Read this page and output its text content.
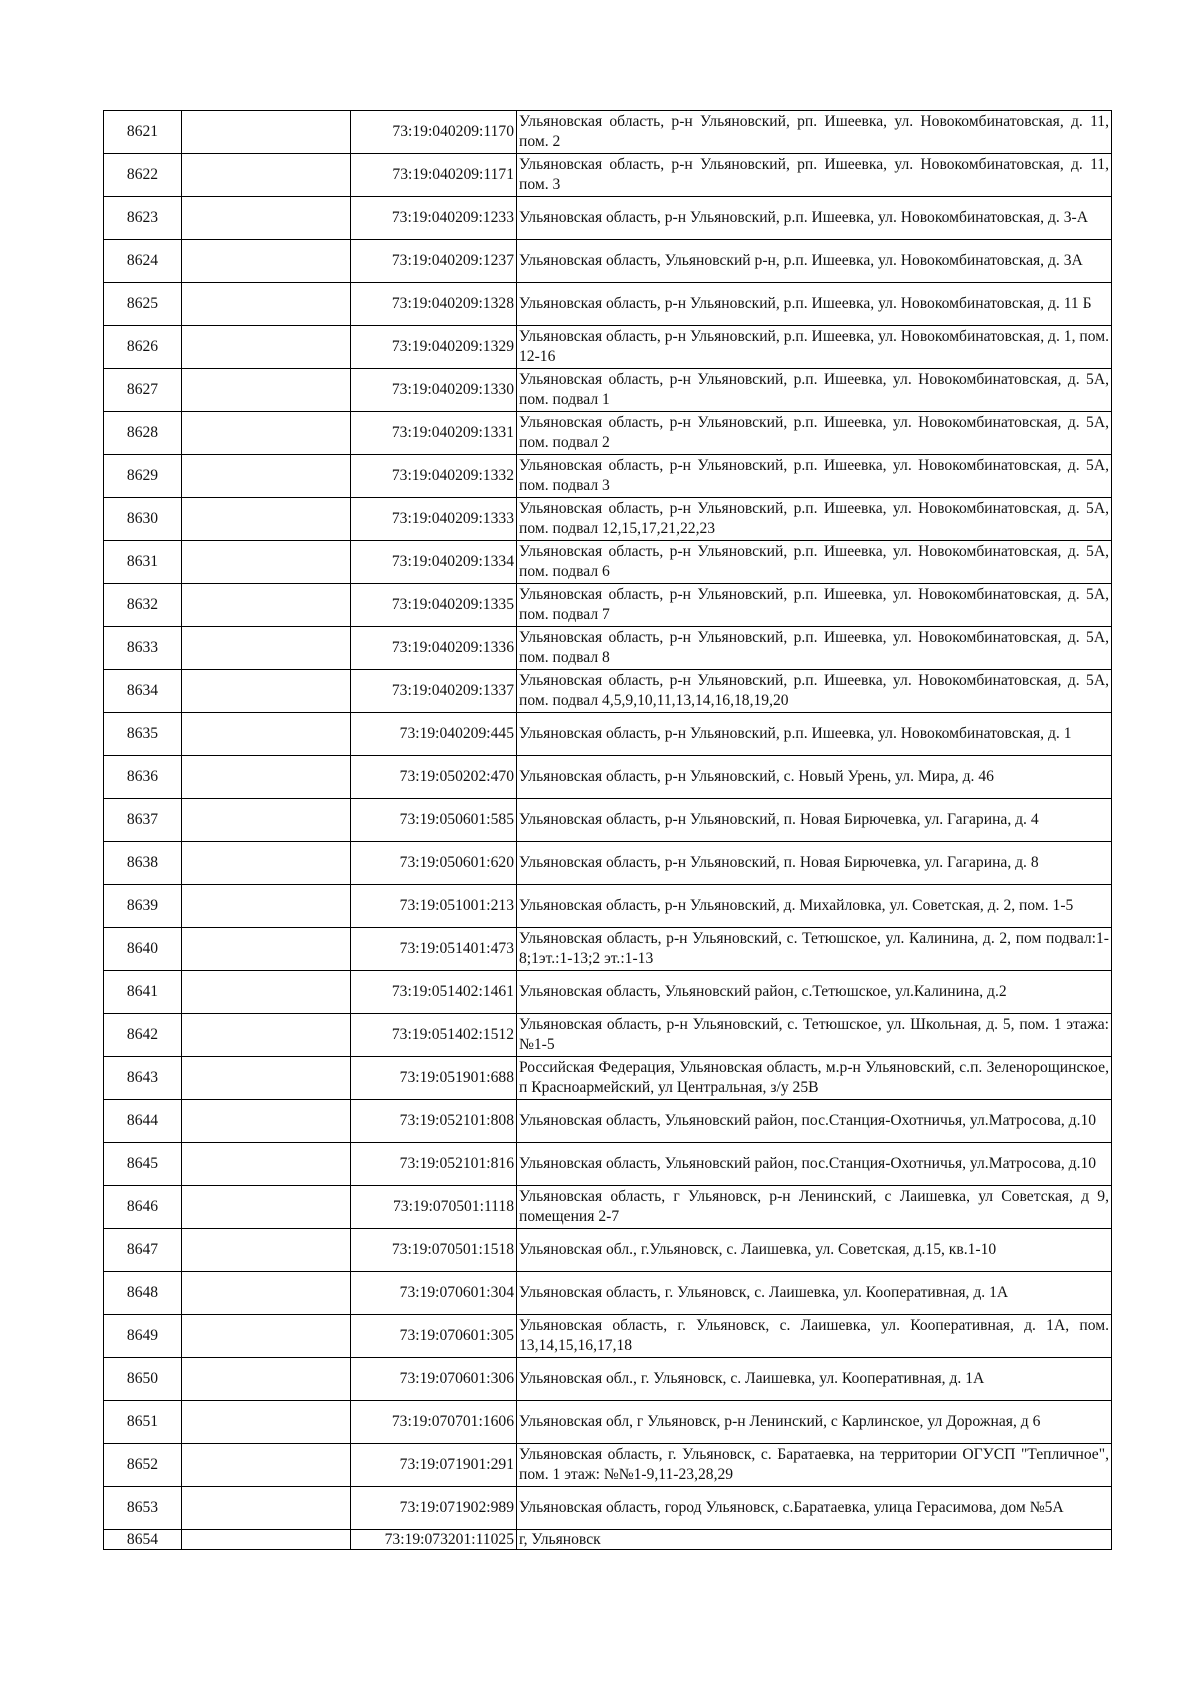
8621		73:19:040209:1170	Ульяновская область, р-н Ульяновский, рп. Ишеевка, ул. Новокомбинатовская, д. 11, пом. 2
8622		73:19:040209:1171	Ульяновская область, р-н Ульяновский, рп. Ишеевка, ул. Новокомбинатовская, д. 11, пом. 3
8623		73:19:040209:1233	Ульяновская область, р-н Ульяновский, р.п. Ишеевка, ул. Новокомбинатовская, д. 3-А
8624		73:19:040209:1237	Ульяновская область, Ульяновский р-н, р.п. Ишеевка, ул. Новокомбинатовская, д. 3А
8625		73:19:040209:1328	Ульяновская область, р-н Ульяновский, р.п. Ишеевка, ул. Новокомбинатовская, д. 11 Б
8626		73:19:040209:1329	Ульяновская область, р-н Ульяновский, р.п. Ишеевка, ул. Новокомбинатовская, д. 1, пом. 12-16
8627		73:19:040209:1330	Ульяновская область, р-н Ульяновский, р.п. Ишеевка, ул. Новокомбинатовская, д. 5А, пом. подвал 1
8628		73:19:040209:1331	Ульяновская область, р-н Ульяновский, р.п. Ишеевка, ул. Новокомбинатовская, д. 5А, пом. подвал 2
8629		73:19:040209:1332	Ульяновская область, р-н Ульяновский, р.п. Ишеевка, ул. Новокомбинатовская, д. 5А, пом. подвал 3
8630		73:19:040209:1333	Ульяновская область, р-н Ульяновский, р.п. Ишеевка, ул. Новокомбинатовская, д. 5А, пом. подвал 12,15,17,21,22,23
8631		73:19:040209:1334	Ульяновская область, р-н Ульяновский, р.п. Ишеевка, ул. Новокомбинатовская, д. 5А, пом. подвал 6
8632		73:19:040209:1335	Ульяновская область, р-н Ульяновский, р.п. Ишеевка, ул. Новокомбинатовская, д. 5А, пом. подвал 7
8633		73:19:040209:1336	Ульяновская область, р-н Ульяновский, р.п. Ишеевка, ул. Новокомбинатовская, д. 5А, пом. подвал 8
8634		73:19:040209:1337	Ульяновская область, р-н Ульяновский, р.п. Ишеевка, ул. Новокомбинатовская, д. 5А, пом. подвал 4,5,9,10,11,13,14,16,18,19,20
8635		73:19:040209:445	Ульяновская область, р-н Ульяновский, р.п. Ишеевка, ул. Новокомбинатовская, д. 1
8636		73:19:050202:470	Ульяновская область, р-н Ульяновский, с. Новый Урень, ул. Мира, д. 46
8637		73:19:050601:585	Ульяновская область, р-н Ульяновский, п. Новая Бирючевка, ул. Гагарина, д. 4
8638		73:19:050601:620	Ульяновская область, р-н Ульяновский, п. Новая Бирючевка, ул. Гагарина, д. 8
8639		73:19:051001:213	Ульяновская область, р-н Ульяновский, д. Михайловка, ул. Советская, д. 2, пом. 1-5
8640		73:19:051401:473	Ульяновская область, р-н Ульяновский, с. Тетюшское, ул. Калинина, д. 2, пом подвал:1-8;1эт.:1-13;2 эт.:1-13
8641		73:19:051402:1461	Ульяновская область, Ульяновский район, с.Тетюшское, ул.Калинина, д.2
8642		73:19:051402:1512	Ульяновская область, р-н Ульяновский, с. Тетюшское, ул. Школьная, д. 5, пом. 1 этажа: №1-5
8643		73:19:051901:688	Российская Федерация, Ульяновская область, м.р-н Ульяновский, с.п. Зеленорощинское, п Красноармейский, ул Центральная, з/у 25В
8644		73:19:052101:808	Ульяновская область, Ульяновский район, пос.Станция-Охотничья, ул.Матросова, д.10
8645		73:19:052101:816	Ульяновская область, Ульяновский район, пос.Станция-Охотничья, ул.Матросова, д.10
8646		73:19:070501:1118	Ульяновская область, г Ульяновск, р-н Ленинский, с Лаишевка, ул Советская, д 9, помещения 2-7
8647		73:19:070501:1518	Ульяновская обл., г.Ульяновск, с. Лаишевка, ул. Советская, д.15, кв.1-10
8648		73:19:070601:304	Ульяновская область, г. Ульяновск, с. Лаишевка, ул. Кооперативная, д. 1А
8649		73:19:070601:305	Ульяновская область, г. Ульяновск, с. Лаишевка, ул. Кооперативная, д. 1А, пом. 13,14,15,16,17,18
8650		73:19:070601:306	Ульяновская обл., г. Ульяновск, с. Лаишевка, ул. Кооперативная, д. 1А
8651		73:19:070701:1606	Ульяновская обл, г Ульяновск, р-н Ленинский, с Карлинское, ул Дорожная, д 6
8652		73:19:071901:291	Ульяновская область, г. Ульяновск, с. Баратаевка, на территории ОГУСП "Тепличное", пом. 1 этаж: №№1-9,11-23,28,29
8653		73:19:071902:989	Ульяновская область, город Ульяновск, с.Баратаевка, улица Герасимова, дом №5А
8654		73:19:073201:11025	г, Ульяновск
